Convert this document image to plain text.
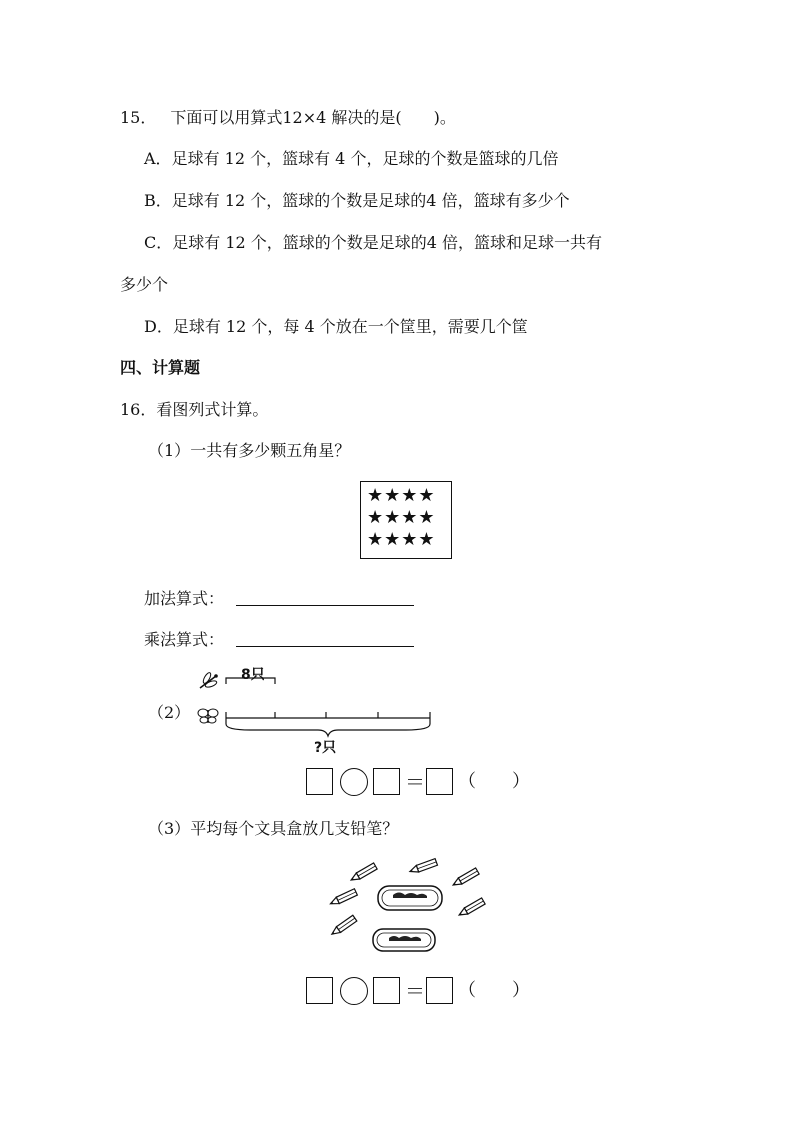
15． 下面可以用算式12×4 解决的是(　　)。
A．足球有 12 个，篮球有 4 个，足球的个数是篮球的几倍
B．足球有 12 个，篮球的个数是足球的4 倍，篮球有多少个
C．足球有 12 个，篮球的个数是足球的4 倍，篮球和足球一共有
多少个
D．足球有 12 个，每 4 个放在一个筐里，需要几个筐
四、计算题
16．看图列式计算。
（1）一共有多少颗五角星？
★★★★
★★★★
★★★★
加法算式：
乘法算式：
（2）
8只
?只
＝ （　　）
（3）平均每个文具盒放几支铅笔？
＝ （　　）
